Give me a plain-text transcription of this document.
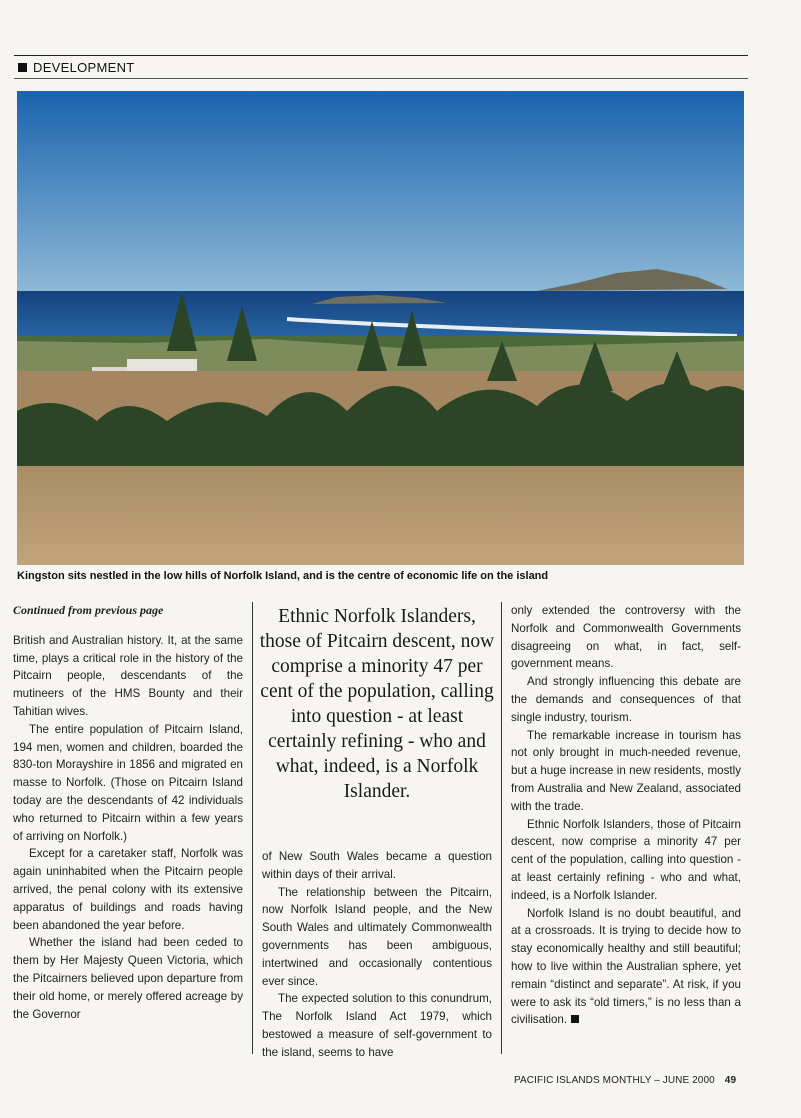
DEVELOPMENT
Kingston sits nestled in the low hills of Norfolk Island, and is the centre of economic life on the island

Continued from previous page

British and Australian history. It, at the same time, plays a critical role in the history of the Pitcairn people, descendants of the mutineers of the HMS Bounty and their Tahitian wives.

The entire population of Pitcairn Island, 194 men, women and children, boarded the 830-ton Morayshire in 1856 and migrated en masse to Norfolk. (Those on Pitcairn Island today are the descendants of 42 individuals who returned to Pitcairn within a few years of arriving on Norfolk.)

Except for a caretaker staff, Norfolk was again uninhabited when the Pitcairn people arrived, the penal colony with its extensive apparatus of buildings and roads having been abandoned the year before.

Whether the island had been ceded to them by Her Majesty Queen Victoria, which the Pitcairners believed upon departure from their old home, or merely offered acreage by the Governor

Ethnic Norfolk Islanders, those of Pitcairn descent, now comprise a minority 47 per cent of the population, calling into question - at least certainly refining - who and what, indeed, is a Norfolk Islander.

of New South Wales became a question within days of their arrival.

The relationship between the Pitcairn, now Norfolk Island people, and the New South Wales and ultimately Commonwealth governments has been ambiguous, intertwined and occasionally contentious ever since.

The expected solution to this conundrum, The Norfolk Island Act 1979, which bestowed a measure of self-government to the island, seems to have

only extended the controversy with the Norfolk and Commonwealth Governments disagreeing on what, in fact, self-government means.

And strongly influencing this debate are the demands and consequences of that single industry, tourism.

The remarkable increase in tourism has not only brought in much-needed revenue, but a huge increase in new residents, mostly from Australia and New Zealand, associated with the trade.

Ethnic Norfolk Islanders, those of Pitcairn descent, now comprise a minority 47 per cent of the population, calling into question - at least certainly refining - who and what, indeed, is a Norfolk Islander.

Norfolk Island is no doubt beautiful, and at a crossroads. It is trying to decide how to stay economically healthy and still beautiful; how to live within the Australian sphere, yet remain “distinct and separate”. At risk, if you were to ask its “old timers,” is no less than a civilisation.

PACIFIC ISLANDS MONTHLY – JUNE 2000 49
